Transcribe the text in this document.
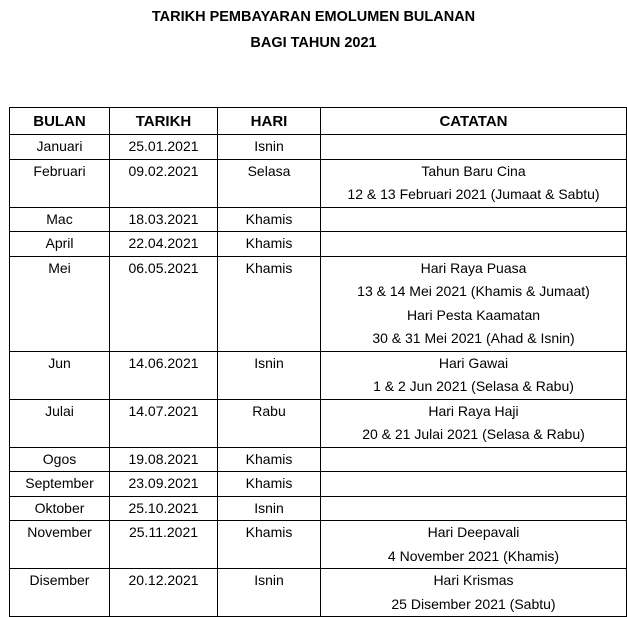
TARIKH PEMBAYARAN EMOLUMEN BULANAN
BAGI TAHUN 2021
BULAN	TARIKH	HARI	CATATAN
Januari	25.01.2021	Isnin	
Februari	09.02.2021	Selasa	Tahun Baru Cina
12 & 13 Februari 2021 (Jumaat & Sabtu)

Mac	18.03.2021	Khamis	
April	22.04.2021	Khamis	
Mei	06.05.2021	Khamis	Hari Raya Puasa
13 & 14 Mei 2021 (Khamis & Jumaat)
Hari Pesta Kaamatan
30 & 31 Mei 2021 (Ahad & Isnin)

Jun	14.06.2021	Isnin	Hari Gawai
1 & 2 Jun 2021 (Selasa & Rabu)

Julai	14.07.2021	Rabu	Hari Raya Haji
20 & 21 Julai 2021 (Selasa & Rabu)

Ogos	19.08.2021	Khamis	
September	23.09.2021	Khamis	
Oktober	25.10.2021	Isnin	
November	25.11.2021	Khamis	Hari Deepavali
4 November 2021 (Khamis)

Disember	20.12.2021	Isnin	Hari Krismas
25 Disember 2021 (Sabtu)
